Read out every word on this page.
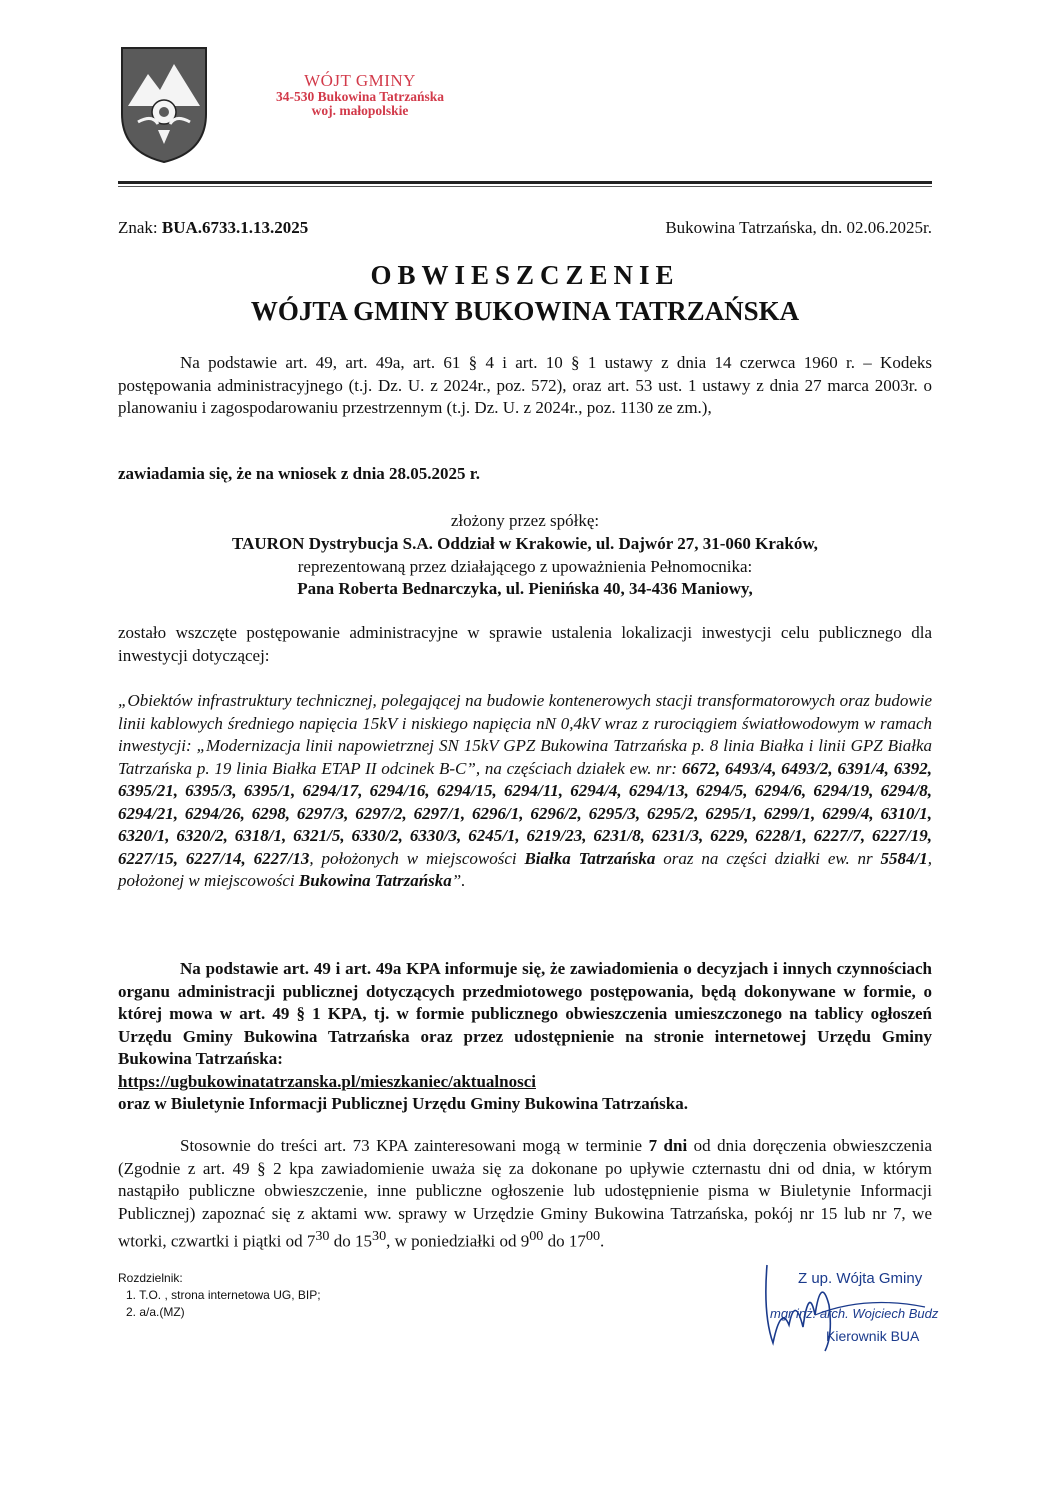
WÓJT GMINY
34-530 Bukowina Tatrzańska
woj. małopolskie
Znak: BUA.6733.1.13.2025	Bukowina Tatrzańska, dn. 02.06.2025r.
OBWIESZCZENIE
WÓJTA GMINY BUKOWINA TATRZAŃSKA
Na podstawie art. 49, art. 49a, art. 61 § 4 i art. 10 § 1 ustawy z dnia 14 czerwca 1960 r. – Kodeks postępowania administracyjnego (t.j. Dz. U. z 2024r., poz. 572), oraz art. 53 ust. 1 ustawy z dnia 27 marca 2003r. o planowaniu i zagospodarowaniu przestrzennym (t.j. Dz. U. z 2024r., poz. 1130 ze zm.),
zawiadamia się, że na wniosek z dnia 28.05.2025 r.
złożony przez spółkę:
TAURON Dystrybucja S.A. Oddział w Krakowie, ul. Dajwór 27, 31-060 Kraków,
reprezentowaną przez działającego z upoważnienia Pełnomocnika:
Pana Roberta Bednarczyka, ul. Pienińska 40, 34-436 Maniowy,
zostało wszczęte postępowanie administracyjne w sprawie ustalenia lokalizacji inwestycji celu publicznego dla inwestycji dotyczącej:
„Obiektów infrastruktury technicznej, polegającej na budowie kontenerowych stacji transformatorowych oraz budowie linii kablowych średniego napięcia 15kV i niskiego napięcia nN 0,4kV wraz z rurociągiem światłowodowym w ramach inwestycji: „Modernizacja linii napowietrznej SN 15kV GPZ Bukowina Tatrzańska p. 8 linia Białka i linii GPZ Białka Tatrzańska p. 19 linia Białka ETAP II odcinek B-C”, na częściach działek ew. nr: 6672, 6493/4, 6493/2, 6391/4, 6392, 6395/21, 6395/3, 6395/1, 6294/17, 6294/16, 6294/15, 6294/11, 6294/4, 6294/13, 6294/5, 6294/6, 6294/19, 6294/8, 6294/21, 6294/26, 6298, 6297/3, 6297/2, 6297/1, 6296/1, 6296/2, 6295/3, 6295/2, 6295/1, 6299/1, 6299/4, 6310/1, 6320/1, 6320/2, 6318/1, 6321/5, 6330/2, 6330/3, 6245/1, 6219/23, 6231/8, 6231/3, 6229, 6228/1, 6227/7, 6227/19, 6227/15, 6227/14, 6227/13, położonych w miejscowości Białka Tatrzańska oraz na części działki ew. nr 5584/1, położonej w miejscowości Bukowina Tatrzańska”.
Na podstawie art. 49 i art. 49a KPA informuje się, że zawiadomienia o decyzjach i innych czynnościach organu administracji publicznej dotyczących przedmiotowego postępowania, będą dokonywane w formie, o której mowa w art. 49 § 1 KPA, tj. w formie publicznego obwieszczenia umieszczonego na tablicy ogłoszeń Urzędu Gminy Bukowina Tatrzańska oraz przez udostępnienie na stronie internetowej Urzędu Gminy Bukowina Tatrzańska:
https://ugbukowinatatrzanska.pl/mieszkaniec/aktualnosci
oraz w Biuletynie Informacji Publicznej Urzędu Gminy Bukowina Tatrzańska.
Stosownie do treści art. 73 KPA zainteresowani mogą w terminie 7 dni od dnia doręczenia obwieszczenia (Zgodnie z art. 49 § 2 kpa zawiadomienie uważa się za dokonane po upływie czternastu dni od dnia, w którym nastąpiło publiczne obwieszczenie, inne publiczne ogłoszenie lub udostępnienie pisma w Biuletynie Informacji Publicznej) zapoznać się z aktami ww. sprawy w Urzędzie Gminy Bukowina Tatrzańska, pokój nr 15 lub nr 7, we wtorki, czwartki i piątki od $7^{30}$ do $15^{30}$, w poniedziałki od $9^{00}$ do $17^{00}$.
Rozdzielnik:
1. T.O. , strona internetowa UG, BIP;
2. a/a.(MZ)
Z up. Wójta Gminy
mgr inż. arch. Wojciech Budz
Kierownik BUA
